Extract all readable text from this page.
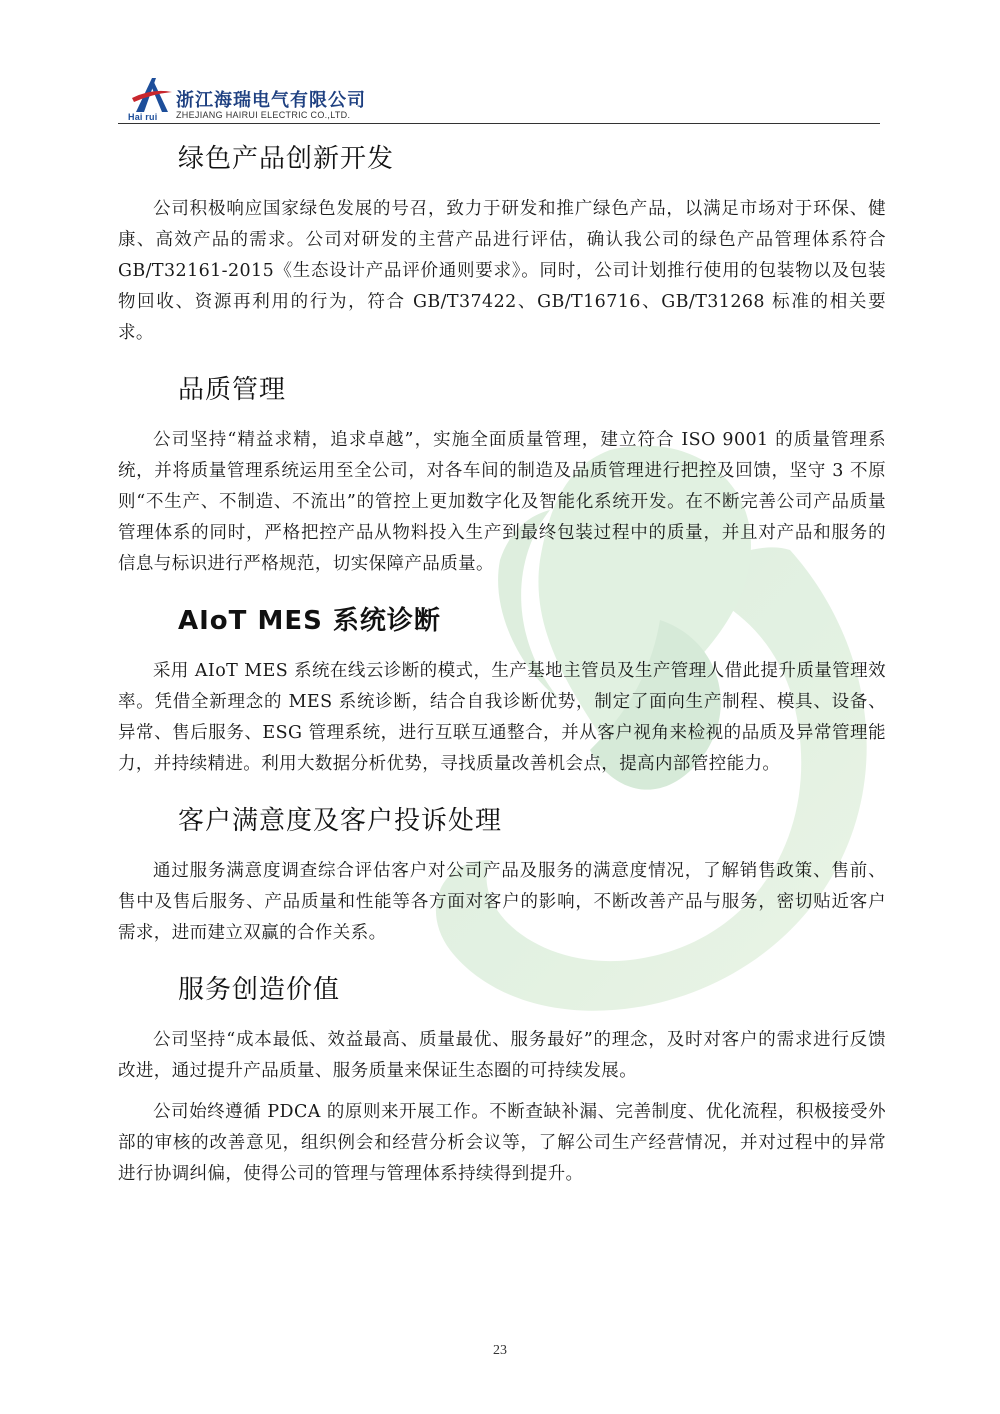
Hai rui
浙江海瑞电气有限公司
ZHEJIANG HAIRUI ELECTRIC CO.,LTD.
绿色产品创新开发

公司积极响应国家绿色发展的号召，致力于研发和推广绿色产品，以满足市场对于环保、健康、高效产品的需求。公司对研发的主营产品进行评估，确认我公司的绿色产品管理体系符合 GB/T32161-2015《生态设计产品评价通则要求》。同时，公司计划推行使用的包装物以及包装物回收、资源再利用的行为，符合 GB/T37422、GB/T16716、GB/T31268 标准的相关要求。

品质管理

公司坚持“精益求精，追求卓越”，实施全面质量管理，建立符合 ISO 9001 的质量管理系统，并将质量管理系统运用至全公司，对各车间的制造及品质管理进行把控及回馈，坚守 3 不原则“不生产、不制造、不流出”的管控上更加数字化及智能化系统开发。在不断完善公司产品质量管理体系的同时，严格把控产品从物料投入生产到最终包装过程中的质量，并且对产品和服务的信息与标识进行严格规范，切实保障产品质量。

AIoT MES 系统诊断

采用 AIoT MES 系统在线云诊断的模式，生产基地主管员及生产管理人借此提升质量管理效率。凭借全新理念的 MES 系统诊断，结合自我诊断优势，制定了面向生产制程、模具、设备、异常、售后服务、ESG 管理系统，进行互联互通整合，并从客户视角来检视的品质及异常管理能力，并持续精进。利用大数据分析优势，寻找质量改善机会点，提高内部管控能力。

客户满意度及客户投诉处理

通过服务满意度调查综合评估客户对公司产品及服务的满意度情况，了解销售政策、售前、售中及售后服务、产品质量和性能等各方面对客户的影响，不断改善产品与服务，密切贴近客户需求，进而建立双赢的合作关系。

服务创造价值

公司坚持“成本最低、效益最高、质量最优、服务最好”的理念，及时对客户的需求进行反馈改进，通过提升产品质量、服务质量来保证生态圈的可持续发展。

公司始终遵循 PDCA 的原则来开展工作。不断查缺补漏、完善制度、优化流程，积极接受外部的审核的改善意见，组织例会和经营分析会议等，了解公司生产经营情况，并对过程中的异常进行协调纠偏，使得公司的管理与管理体系持续得到提升。

23
